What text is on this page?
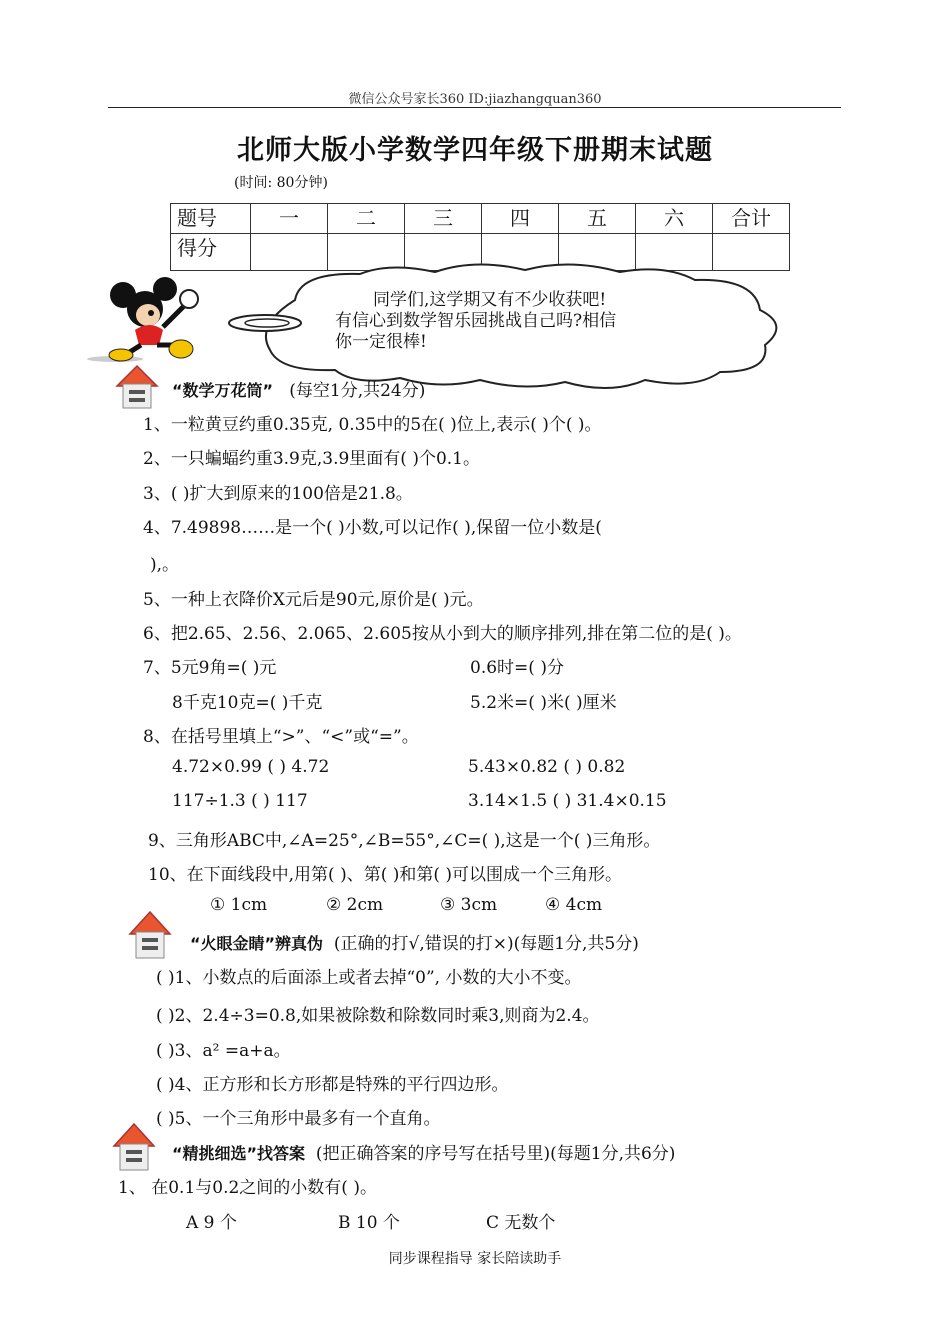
微信公众号家长360 ID:jiazhangquan360
北师大版小学数学四年级下册期末试题
(时间: 80分钟)
题号	一	二	三	四	五	六	合计
得分							
同学们,这学期又有不少收获吧!
有信心到数学智乐园挑战自己吗?相信
你一定很棒!
“数学万花筒” (每空1分,共24分)
1、一粒黄豆约重0.35克, 0.35中的5在( )位上,表示( )个( )。
2、一只蝙蝠约重3.9克,3.9里面有( )个0.1。
3、( )扩大到原来的100倍是21.8。
4、7.49898……是一个( )小数,可以记作( ),保留一位小数是(
),。
5、一种上衣降价X元后是90元,原价是( )元。
6、把2.65、2.56、2.065、2.605按从小到大的顺序排列,排在第二位的是( )。
7、5元9角=( )元	0.6时=( )分
8千克10克=( )千克	5.2米=( )米( )厘米
8、在括号里填上“>”、“<”或“=”。
4.72×0.99 ( ) 4.72	5.43×0.82 ( ) 0.82
117÷1.3 ( ) 117	3.14×1.5 ( ) 31.4×0.15
9、三角形ABC中,∠A=25°,∠B=55°,∠C=( ),这是一个( )三角形。
10、在下面线段中,用第( )、第( )和第( )可以围成一个三角形。
① 1cm	② 2cm	③ 3cm	④ 4cm
“火眼金睛”辨真伪 (正确的打√,错误的打×)(每题1分,共5分)
( )1、小数点的后面添上或者去掉“0”, 小数的大小不变。
( )2、2.4÷3=0.8,如果被除数和除数同时乘3,则商为2.4。
( )3、a² =a+a。
( )4、正方形和长方形都是特殊的平行四边形。
( )5、一个三角形中最多有一个直角。
“精挑细选”找答案 (把正确答案的序号写在括号里)(每题1分,共6分)
1、 在0.1与0.2之间的小数有( )。
A 9 个	B 10 个	C 无数个
同步课程指导 家长陪读助手
